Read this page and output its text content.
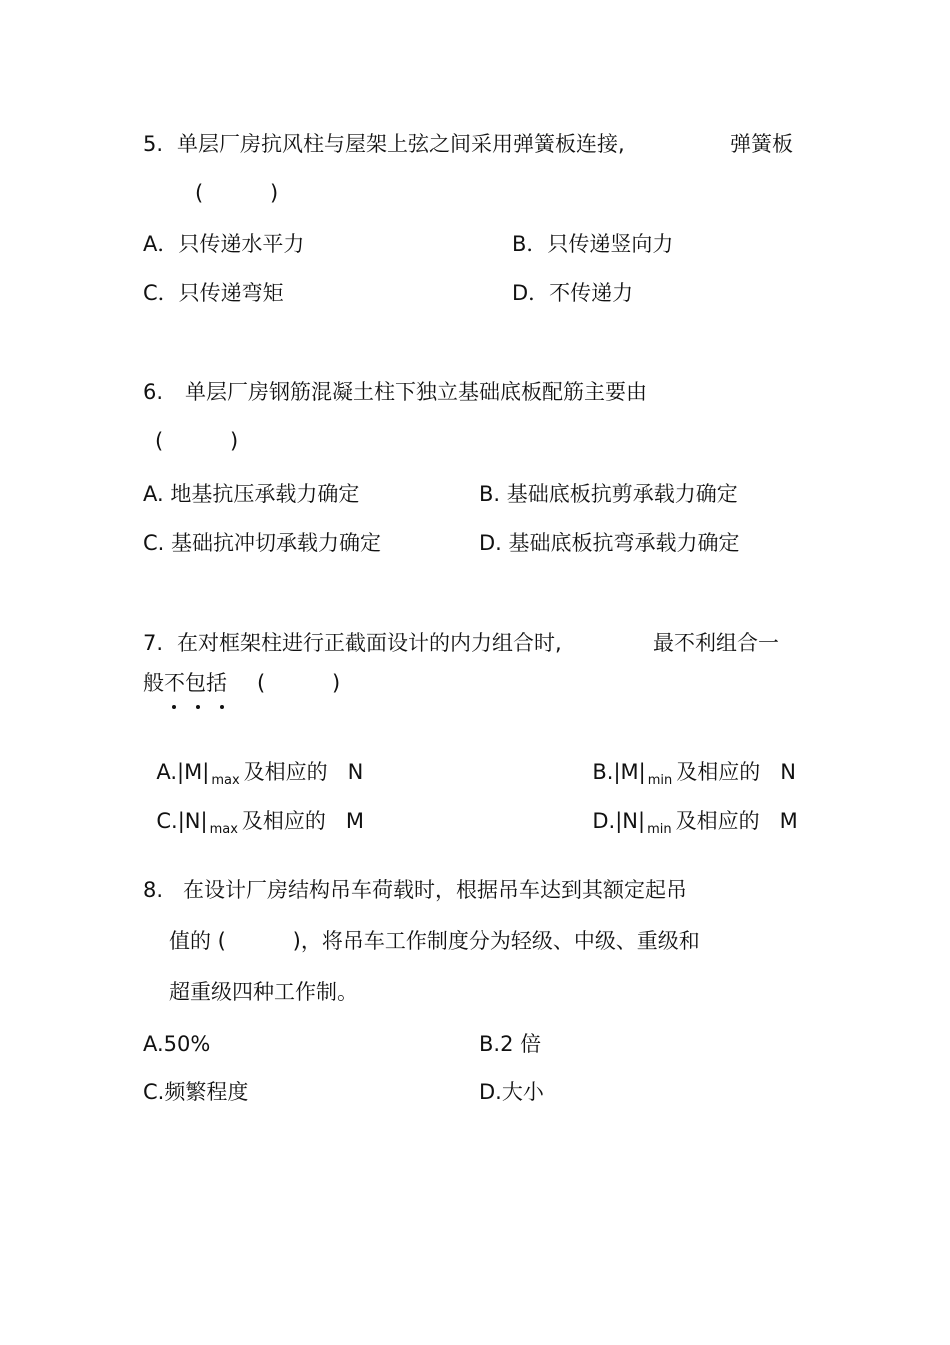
5. 单层厂房抗风柱与屋架上弦之间采用弹簧板连接,	弹簧板
(          )
A．只传递水平力	B．只传递竖向力
C．只传递弯矩	D．不传递力
6. 单层厂房钢筋混凝土柱下独立基础底板配筋主要由
(          )
A. 地基抗压承载力确定	B. 基础底板抗剪承载力确定
C. 基础抗冲切承载力确定	D. 基础底板抗弯承载力确定
7. 在对框架柱进行正截面设计的内力组合时,	最不利组合一
般不包括 (          )

A.|M| $_{max}$ 及相应的   N	B.|M| $_{min}$ 及相应的   N

C.|N| $_{max}$ 及相应的   M	D.|N| $_{min}$ 及相应的   M

8. 在设计厂房结构吊车荷载时，根据吊车达到其额定起吊
值的 (          )，将吊车工作制度分为轻级、中级、重级和
超重级四种工作制。
A.50%	B.2 倍
C.频繁程度	D.大小
